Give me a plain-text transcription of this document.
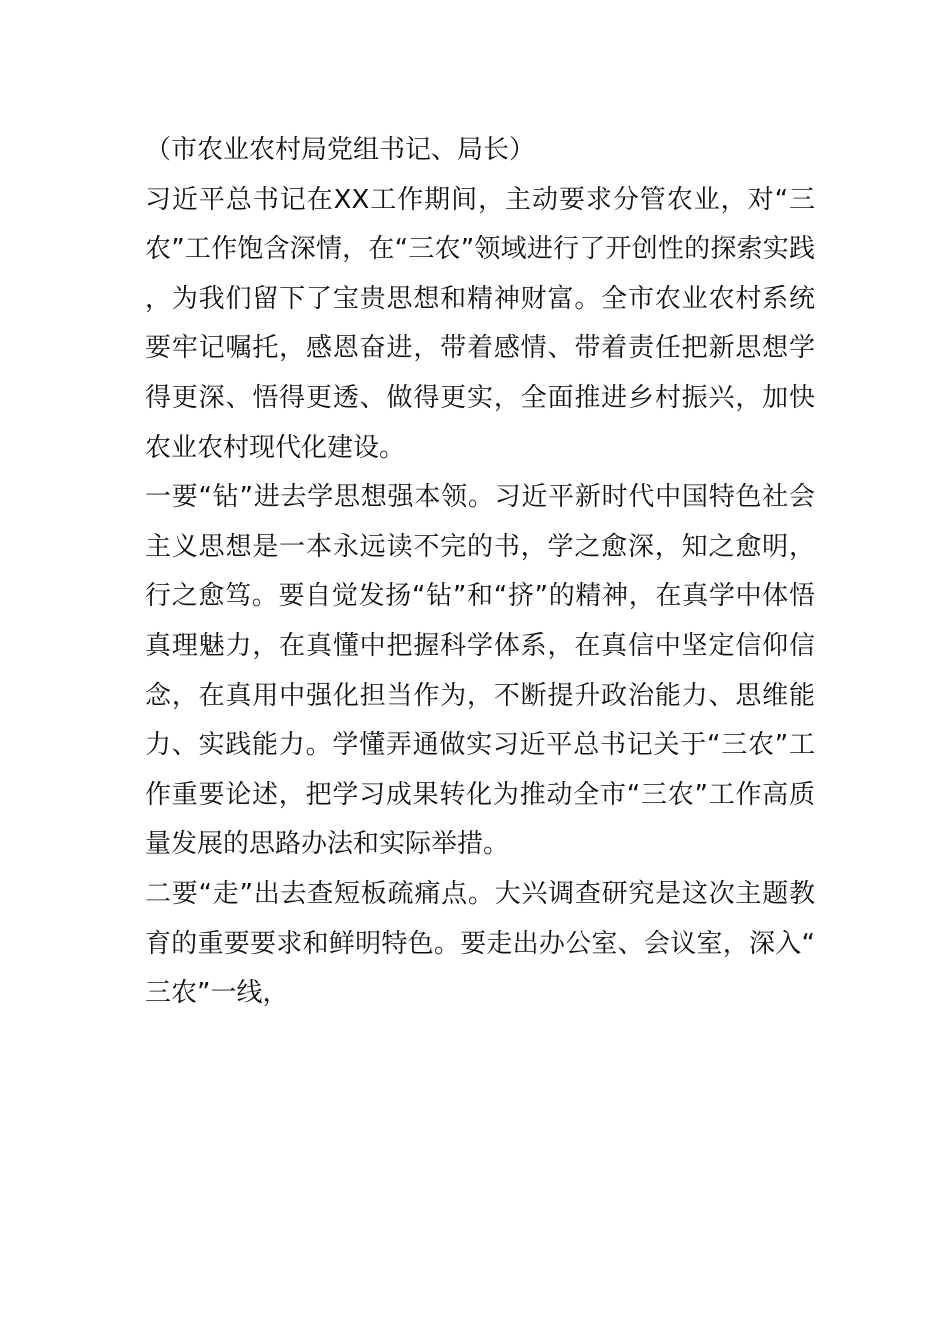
（市农业农村局党组书记、局长）

习近平总书记在XX工作期间，主动要求分管农业，对“三农”工作饱含深情，在“三农”领域进行了开创性的探索实践，为我们留下了宝贵思想和精神财富。全市农业农村系统要牢记嘱托，感恩奋进，带着感情、带着责任把新思想学得更深、悟得更透、做得更实，全面推进乡村振兴，加快农业农村现代化建设。

一要“钻”进去学思想强本领。习近平新时代中国特色社会主义思想是一本永远读不完的书，学之愈深，知之愈明，行之愈笃。要自觉发扬“钻”和“挤”的精神，在真学中体悟真理魅力，在真懂中把握科学体系，在真信中坚定信仰信念，在真用中强化担当作为，不断提升政治能力、思维能力、实践能力。学懂弄通做实习近平总书记关于“三农”工作重要论述，把学习成果转化为推动全市“三农”工作高质量发展的思路办法和实际举措。

二要“走”出去查短板疏痛点。大兴调查研究是这次主题教育的重要要求和鲜明特色。要走出办公室、会议室，深入“三农”一线，
